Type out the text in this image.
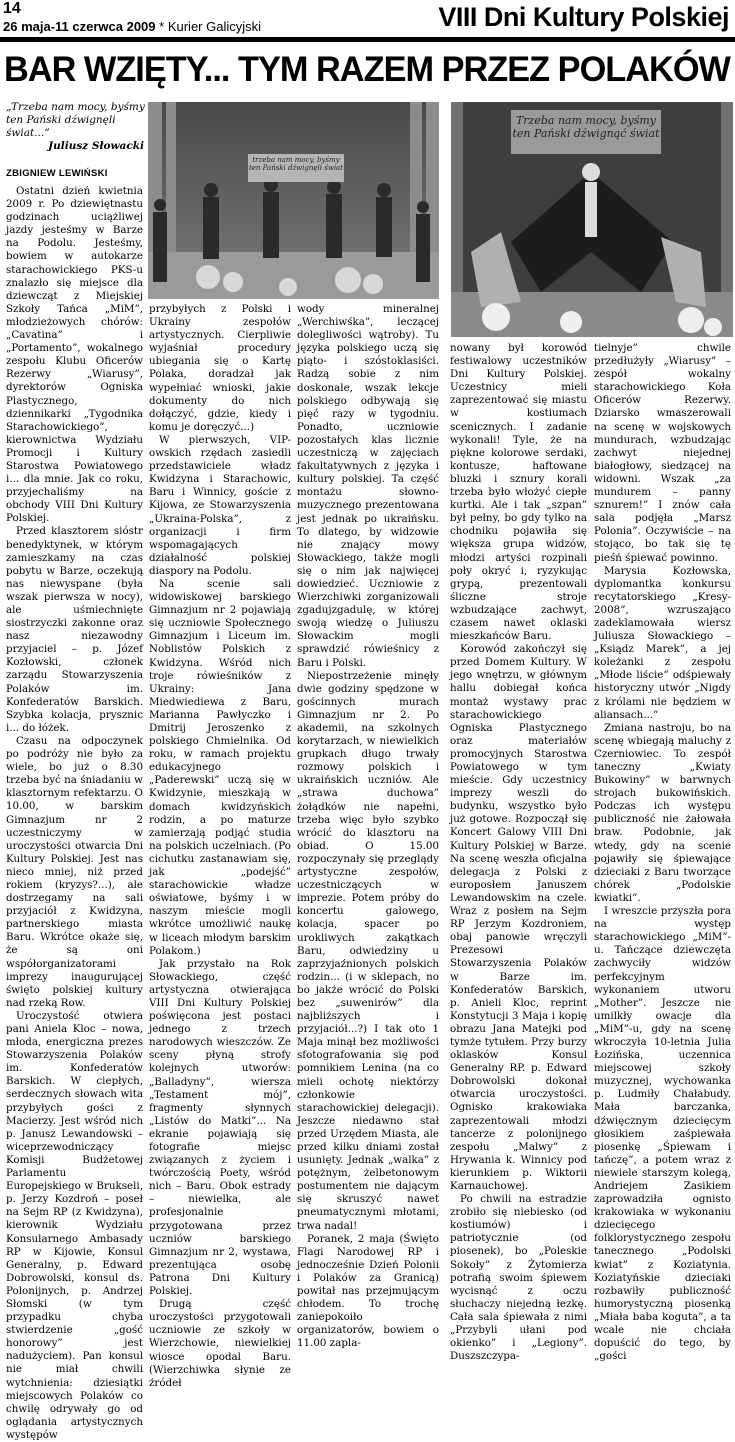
14
26 maja-11 czerwca 2009 * Kurier Galicyjski	VIII Dni Kultury Polskiej
BAR WZIĘTY... TYM RAZEM PRZEZ POLAKÓW
trzeba nam mocy, byśmy ten Pański dźwignęli świat
Trzeba nam mocy, byśmy ten Pański dźwignąć świat
„Trzeba nam mocy, byśmy ten Pański dźwignęli świat...”
Juliusz Słowacki
ZBIGNIEW LEWIŃSKI

Ostatni dzień kwietnia 2009 r. Po dziewiętnastu godzinach uciążliwej jazdy jesteśmy w Barze na Podolu. Jesteśmy, bowiem w autokarze starachowickiego PKS-u znalazło się miejsce dla dziewcząt z Miejskiej Szkoły Tańca „MiM”, młodzieżowych chórów: „Cavatina” i „Portamento”, wokalnego zespołu Klubu Oficerów Rezerwy „Wiarusy”, dyrektorów Ogniska Plastycznego, dziennikarki „Tygodnika Starachowickiego”, kierownictwa Wydziału Promocji i Kultury Starostwa Powiatowego i... dla mnie. Jak co roku, przyjechaliśmy na obchody VIII Dni Kultury Polskiej.

Przed klasztorem sióstr benedyktynek, w którym zamieszkamy na czas pobytu w Barze, oczekują nas niewyspane (była wszak pierwsza w nocy), ale uśmiechnięte siostrzyczki zakonne oraz nasz niezawodny przyjaciel – p. Józef Kozłowski, członek zarządu Stowarzyszenia Polaków im. Konfederatów Barskich. Szybka kolacja, prysznic i... do łóżek.

Czasu na odpoczynek po podróży nie było za wiele, bo już o 8.30 trzeba być na śniadaniu w klasztornym refektarzu. O 10.00, w barskim Gimnazjum nr 2 uczestniczymy w uroczystości otwarcia Dni Kultury Polskiej. Jest nas nieco mniej, niż przed rokiem (kryzys?...), ale dostrzegamy na sali przyjaciół z Kwidzyna, partnerskiego miasta Baru. Wkrótce okaże się, że są oni współorganizatorami imprezy inaugurującej święto polskiej kultury nad rzeką Row.

Uroczystość otwiera pani Aniela Kloc – nowa, młoda, energiczna prezes Stowarzyszenia Polaków im. Konfederatów Barskich. W ciepłych, serdecznych słowach wita przybyłych gości z Macierzy. Jest wśród nich p. Janusz Lewandowski – wiceprzewodniczący Komisji Budżetowej Parlamentu Europejskiego w Brukseli, p. Jerzy Kozdroń – poseł na Sejm RP (z Kwidzyna), kierownik Wydziału Konsularnego Ambasady RP w Kijowie, Konsul Generalny, p. Edward Dobrowolski, konsul ds. Polonijnych, p. Andrzej Słomski (w tym przypadku chyba stwierdzenie „gość honorowy” jest nadużyciem). Pan konsul nie miał chwili wytchnienia: dziesiątki miejscowych Polaków co chwilę odrywały go od oglądania artystycznych występów

przybyłych z Polski i Ukrainy zespołów artystycznych. Cierpliwie wyjaśniał procedury ubiegania się o Kartę Polaka, doradzał jak wypełniać wnioski, jakie dokumenty do nich dołączyć, gdzie, kiedy i komu je doręczyć...)

W pierwszych, VIP-owskich rzędach zasiedli przedstawiciele władz Kwidzyna i Starachowic, Baru i Winnicy, goście z Kijowa, ze Stowarzyszenia „Ukraina-Polska”, z organizacji i firm wspomagających działalność polskiej diaspory na Podolu.

Na scenie sali widowiskowej barskiego Gimnazjum nr 2 pojawiają się uczniowie Społecznego Gimnazjum i Liceum im. Noblistów Polskich z Kwidzyna. Wśród nich troje rówieśników z Ukrainy: Jana Miedwiediewa z Baru, Marianna Pawłyczko i Dmitrij Jeroszenko z polskiego Chmielnika. Od roku, w ramach projektu edukacyjnego „Paderewski” uczą się w Kwidzynie, mieszkają w domach kwidzyńskich rodzin, a po maturze zamierzają podjąć studia na polskich uczelniach. (Po cichutku zastanawiam się, jak „podejść” starachowickie władze oświatowe, byśmy i w naszym mieście mogli wkrótce umożliwić naukę w liceach młodym barskim Polakom.)

Jak przystało na Rok Słowackiego, część artystyczna otwierająca VIII Dni Kultury Polskiej poświęcona jest postaci jednego z trzech narodowych wieszczów. Ze sceny płyną strofy kolejnych utworów: „Balladyny”, wiersza „Testament mój”, fragmenty słynnych „Listów do Matki”... Na ekranie pojawiają się fotografie miejsc związanych z życiem i twórczością Poety, wśród nich – Baru. Obok estrady – niewielka, ale profesjonalnie przygotowana przez uczniów barskiego Gimnazjum nr 2, wystawa, prezentująca osobę Patrona Dni Kultury Polskiej.

Drugą część uroczystości przygotowali uczniowie ze szkoły w Wierzchowie, niewielkiej wiosce opodal Baru. (Wierzchiwka słynie ze źródeł

wody mineralnej „Werchiwśka”, leczącej dolegliwości wątroby). Tu językа polskiego uczą się piąto- i szóstoklasiści. Radzą sobie z nim doskonale, wszak lekcje polskiego odbywają się pięć razy w tygodniu. Ponadto, uczniowie pozostałych klas licznie uczestniczą w zajęciach fakultatywnych z języka i kultury polskiej. Ta część montażu słowno-muzycznego prezentowana jest jednak po ukraińsku. To dlatego, by widzowie nie znający mowy Słowackiego, także mogli się o nim jak najwięcej dowiedzieć. Uczniowie z Wierzchiwki zorganizowali zgadujzgadulę, w której swoją wiedzę o Juliuszu Słowackim mogli sprawdzić rówieśnicy z Baru i Polski.

Niepostrzeżenie minęły dwie godziny spędzone w gościnnych murach Gimnazjum nr 2. Po akademii, na szkolnych korytarzach, w niewielkich grupkach długo trwały rozmowy polskich i ukraińskich uczniów. Ale „strawa duchowa” żołądków nie napełni, trzeba więc było szybko wrócić do klasztoru na obiad. O 15.00 rozpoczynały się przeglądy artystyczne zespołów, uczestniczących w imprezie. Potem próby do koncertu galowego, kolacja, spacer po urokliwych zakątkach Baru, odwiedziny u zaprzyjaźnionych polskich rodzin... (i w sklepach, no bo jakże wrócić do Polski bez „suwenirów” dla najbliższych i przyjaciół...?) I tak oto 1 Maja minął bez możliwości sfotografowania się pod pomnikiem Lenina (na co mieli ochotę niektórzy członkowie starachowickiej delegacji). Jeszcze niedawno stał przed Urzędem Miasta, ale przed kilku dniami został usunięty. Jednak „walka” z potężnym, żelbetonowym postumentem nie dającym się skruszyć nawet pneumatycznymi młotami, trwa nadal!

Poranek, 2 maja (Święto Flagi Narodowej RP i jednocześnie Dzień Polonii i Polaków za Granicą) powitał nas przejmującym chłodem. To trochę zaniepokoiło organizatorów, bowiem o 11.00 zapla-

nowany był korowód festiwalowy uczestników Dni Kultury Polskiej. Uczestnicy mieli zaprezentować się miastu w kostiumach scenicznych. I zadanie wykonali! Tyle, że na piękne kolorowe serdaki, kontusze, haftowane bluzki i sznury korali trzeba było włożyć ciepłe kurtki. Ale i tak „szpan” był pełny, bo gdy tylko na chodniku pojawiła się większa grupa widzów, młodzi artyści rozpinali poły okryć i, ryzykując grypą, prezentowali śliczne stroje wzbudzające zachwyt, czasem nawet oklaski mieszkańców Baru.

Korowód zakończył się przed Domem Kultury. W jego wnętrzu, w głównym hallu dobiegał końca montaż wystawy prac starachowickiego Ogniska Plastycznego oraz materiałów promocyjnych Starostwa Powiatowego w tym mieście. Gdy uczestnicy imprezy weszli do budynku, wszystko było już gotowe. Rozpoczął się Koncert Galowy VIII Dni Kultury Polskiej w Barze. Na scenę weszła oficjalna delegacja z Polski z europosłem Januszem Lewandowskim na czele. Wraz z posłem na Sejm RP Jerzym Kozdroniem, obaj panowie wręczyli Prezesowi Stowarzyszenia Polaków w Barze im. Konfederatów Barskich, p. Anieli Kloc, reprint Konstytucji 3 Maja i kopię obrazu Jana Matejki pod tymże tytułem. Przy burzy oklasków Konsul Generalny RP. p. Edward Dobrowolski dokonał otwarcia uroczystości. Ognisko krakowiaka zaprezentowali młodzi tancerze z polonijnego zespołu „Malwy” z Hrywania k. Winnicy pod kierunkiem p. Wiktorii Karnauchowej.

Po chwili na estradzie zrobiło się niebiesko (od kostiumów) i patriotycznie (od piosenek), bo „Poleskie Sokoły” z Żytomierza potrafią swoim śpiewem wycisnąć z oczu słuchaczy niejedną łezkę. Cała sala śpiewała z nimi „Przybyli ułani pod okienko” i „Legiony”. Duszszczypa-

tielnyje” chwile przedłużyły „Wiarusy” – zespół wokalny starachowickiego Koła Oficerów Rezerwy. Dziarsko wmaszerowali na scenę w wojskowych mundurach, wzbudzając zachwyt niejednej białogłowy, siedzącej na widowni. Wszak „za mundurem – panny sznurem!” I znów cała sala podjęła „Marsz Polonia”. Oczywiście – na stojąco, bo tak się tę pieśń śpiewać powinno.

Marysia Kozłowska, dyplomantka konkursu recytatorskiego „Kresy-2008”, wzruszająco zadeklamowała wiersz Juliusza Słowackiego – „Ksiądz Marek”, a jej koleżanki z zespołu „Młode liście” odśpiewały historyczny utwór „Nigdy z królami nie będziem w aliansach...”

Zmiana nastroju, bo na scenę wbiegają maluchy z Czerniowiec. To zespół taneczny „Kwiaty Bukowiny” w barwnych strojach bukowińskich. Podczas ich występu publiczność nie żałowała braw. Podobnie, jak wtedy, gdy na scenie pojawiły się śpiewające dzieciaki z Baru tworzące chórek „Podolskie kwiatki”.

I wreszcie przyszła pora na występ starachowickiego „MiM”-u. Tańczące dziewczęta zachwyciły widzów perfekcyjnym wykonaniem utworu „Mother”. Jeszcze nie umilkły owacje dla „MiM”-u, gdy na scenę wkroczyła 10-letnia Julia Łozińska, uczennica miejscowej szkoły muzycznej, wychowanka p. Ludmiły Chałabudy. Mała barczanka, dźwięcznym dziecięcym głosikiem zaśpiewała piosenkę „Śpiewam i tańczę”, a potem wraz z niewiele starszym kolegą, Andriejem Zasikiem zaprowadziła ognisto krakowiaka w wykonaniu dziecięcego folklorystycznego zespołu tanecznego „Podolski kwiat” z Koziatynia. Koziatyńskie dzieciaki rozbawiły publiczność humorystyczną piosenką „Miała baba koguta”, a ta wcale nie chciała dopuścić do tego, by „gości
